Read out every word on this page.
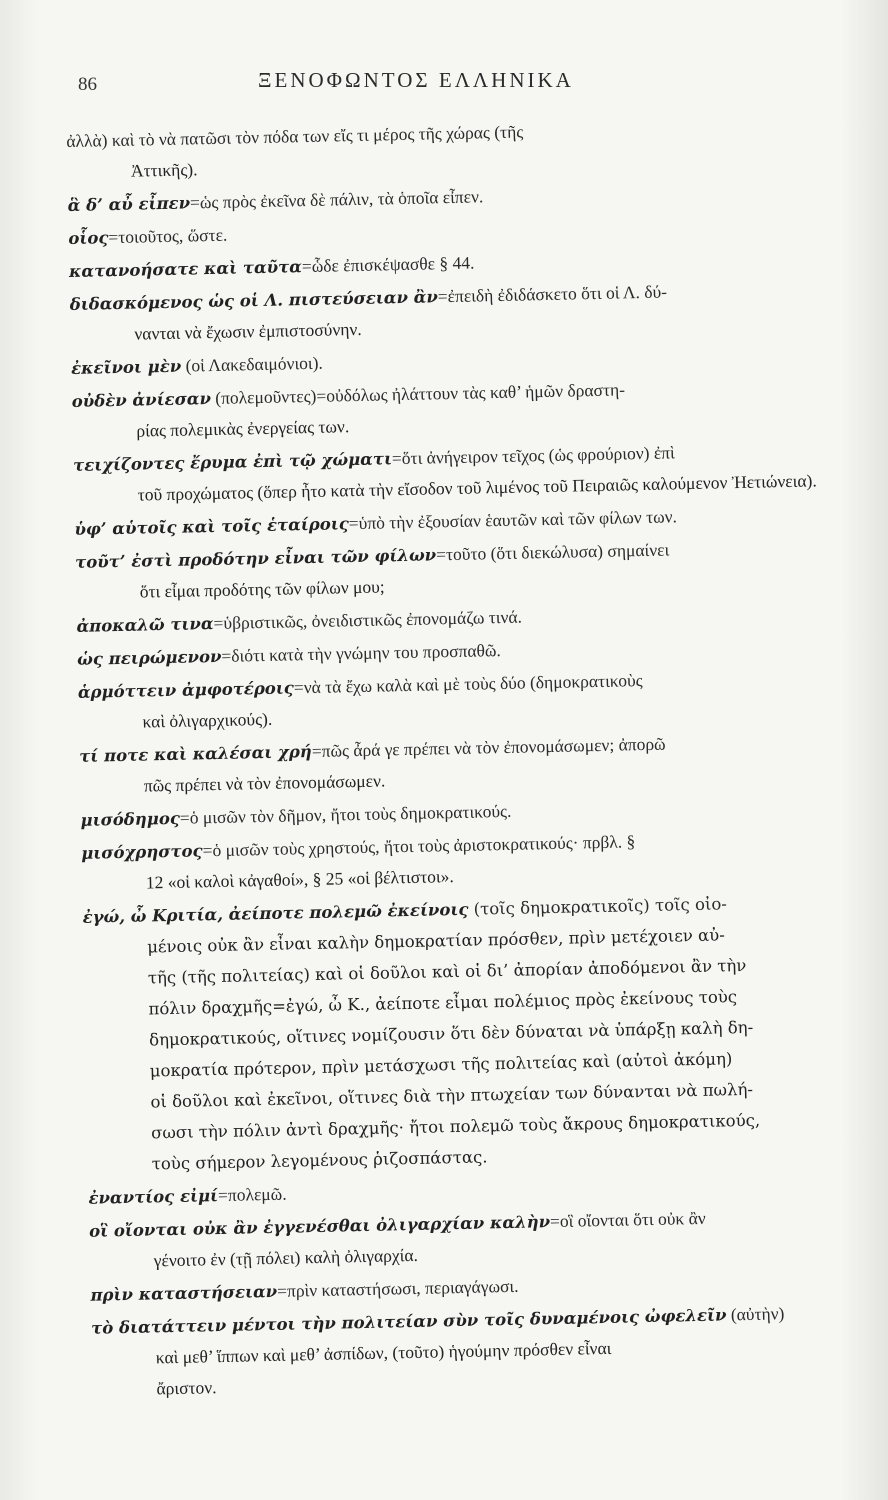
86	ΞΕΝΟΦΩΝΤΟΣ ΕΛΛΗΝΙΚΑ

ἀλλὰ) καὶ τὸ νὰ πατῶσι τὸν πόδα των εἴς τι μέρος τῆς χώρας (τῆς
Ἀττικῆς).

ἃ δ’ αὖ εἶπεν=ὡς πρὸς ἐκεῖνα δὲ πάλιν, τὰ ὁποῖα εἶπεν.

οἷος=τοιοῦτος, ὥστε.

κατανοήσατε καὶ ταῦτα=ὧδε ἐπισκέψασθε § 44.

διδασκόμενος ὡς οἱ Λ. πιστεύσειαν ἂν=ἐπειδὴ ἐδιδάσκετο ὅτι οἱ Λ. δύ-
νανται νὰ ἔχωσιν ἐμπιστοσύνην.

ἐκεῖνοι μὲν (οἱ Λακεδαιμόνιοι).

οὐδὲν ἀνίεσαν (πολεμοῦντες)=οὐδόλως ἠλάττουν τὰς καθ’ ἡμῶν δραστη-
ρίας πολεμικὰς ἐνεργείας των.

τειχίζοντες ἔρυμα ἐπὶ τῷ χώματι=ὅτι ἀνήγειρον τεῖχος (ὡς φρούριον) ἐπὶ
τοῦ προχώματος (ὅπερ ἦτο κατὰ τὴν εἴσοδον τοῦ λιμένος τοῦ Πειραιῶς καλούμενον Ἠετιώνεια).

ὑφ’ αὑτοῖς καὶ τοῖς ἑταίροις=ὑπὸ τὴν ἐξουσίαν ἑαυτῶν καὶ τῶν φίλων των.

τοῦτ’ ἐστὶ προδότην εἶναι τῶν φίλων=τοῦτο (ὅτι διεκώλυσα) σημαίνει
ὅτι εἶμαι προδότης τῶν φίλων μου;

ἀποκαλῶ τινα=ὑβριστικῶς, ὀνειδιστικῶς ἐπονομάζω τινά.

ὡς πειρώμενον=διότι κατὰ τὴν γνώμην του προσπαθῶ.

ἁρμόττειν ἀμφοτέροις=νὰ τὰ ἔχω καλὰ καὶ μὲ τοὺς δύο (δημοκρατικοὺς
καὶ ὀλιγαρχικούς).

τί ποτε καὶ καλέσαι χρή=πῶς ἆρά γε πρέπει νὰ τὸν ἐπονομάσωμεν; ἀπορῶ
πῶς πρέπει νὰ τὸν ἐπονομάσωμεν.

μισόδημος=ὁ μισῶν τὸν δῆμον, ἤτοι τοὺς δημοκρατικούς.

μισόχρηστος=ὁ μισῶν τοὺς χρηστούς, ἤτοι τοὺς ἀριστοκρατικούς· πρβλ. §
12 «οἱ καλοὶ κἀγαθοί», § 25 «οἱ βέλτιστοι».

ἐγώ, ὦ Κριτία, ἀείποτε πολεμῶ ἐκείνοις (τοῖς δημοκρατικοῖς) τοῖς οἰο-
μένοις οὐκ ἂν εἶναι καλὴν δημοκρατίαν πρόσθεν, πρὶν μετέχοιεν αὐ-
τῆς (τῆς πολιτείας) καὶ οἱ δοῦλοι καὶ οἱ δι’ ἀπορίαν ἀποδόμενοι ἂν τὴν
πόλιν δραχμῆς=ἐγώ, ὦ Κ., ἀείποτε εἶμαι πολέμιος πρὸς ἐκείνους τοὺς
δημοκρατικούς, οἵτινες νομίζουσιν ὅτι δὲν δύναται νὰ ὑπάρξῃ καλὴ δη-
μοκρατία πρότερον, πρὶν μετάσχωσι τῆς πολιτείας καὶ (αὐτοὶ ἀκόμη)
οἱ δοῦλοι καὶ ἐκεῖνοι, οἵτινες διὰ τὴν πτωχείαν των δύνανται νὰ πωλή-
σωσι τὴν πόλιν ἀντὶ δραχμῆς· ἤτοι πολεμῶ τοὺς ἄκρους δημοκρατικούς,
τοὺς σήμερον λεγομένους ῥιζοσπάστας.

ἐναντίος εἰμί=πολεμῶ.

οἳ οἴονται οὐκ ἂν ἐγγενέσθαι ὀλιγαρχίαν καλὴν=οἳ οἴονται ὅτι οὐκ ἂν
γένοιτο ἐν (τῇ πόλει) καλὴ ὀλιγαρχία.

πρὶν καταστήσειαν=πρὶν καταστήσωσι, περιαγάγωσι.

τὸ διατάττειν μέντοι τὴν πολιτείαν σὺν τοῖς δυναμένοις ὠφελεῖν (αὐτὴν)
καὶ μεθ’ ἵππων καὶ μεθ’ ἀσπίδων, (τοῦτο) ἡγούμην πρόσθεν εἶναι
ἄριστον.
